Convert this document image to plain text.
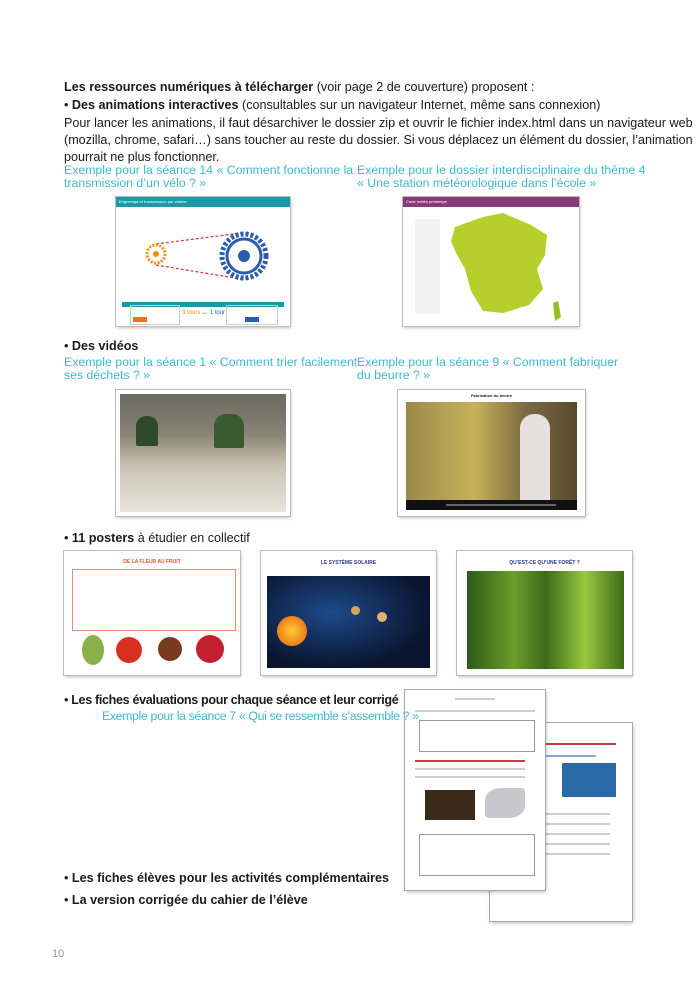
Les ressources numériques à télécharger (voir page 2 de couverture) proposent :
• Des animations interactives (consultables sur un navigateur Internet, même sans connexion)
Pour lancer les animations, il faut désarchiver le dossier zip et ouvrir le fichier index.html dans un navigateur web
(mozilla, chrome, safari…) sans toucher au reste du dossier. Si vous déplacez un élément du dossier, l’animation
pourrait ne plus fonctionner.
Exemple pour la séance 14 « Comment fonctionne la
transmission d’un vélo ? »
Exemple pour le dossier interdisciplinaire du thème 4
« Une station météorologique dans l’école »
Engrenage et transmission par chaîne
3 tours ↔ 1 tour
Carte météo printemps
• Des vidéos
Exemple pour la séance 1 « Comment trier facilement
ses déchets ? »
Exemple pour la séance 9 « Comment fabriquer
du beurre ? »
Fabrication du beurre
• 11 posters à étudier en collectif
DE LA FLEUR AU FRUIT	LE SYSTÈME SOLAIRE	QU’EST-CE QU’UNE FORÊT ?
• Les fiches évaluations pour chaque séance et leur corrigé
Exemple pour la séance 7 « Qui se ressemble s’assemble ? »
• Les fiches élèves pour les activités complémentaires
• La version corrigée du cahier de l’élève
10
